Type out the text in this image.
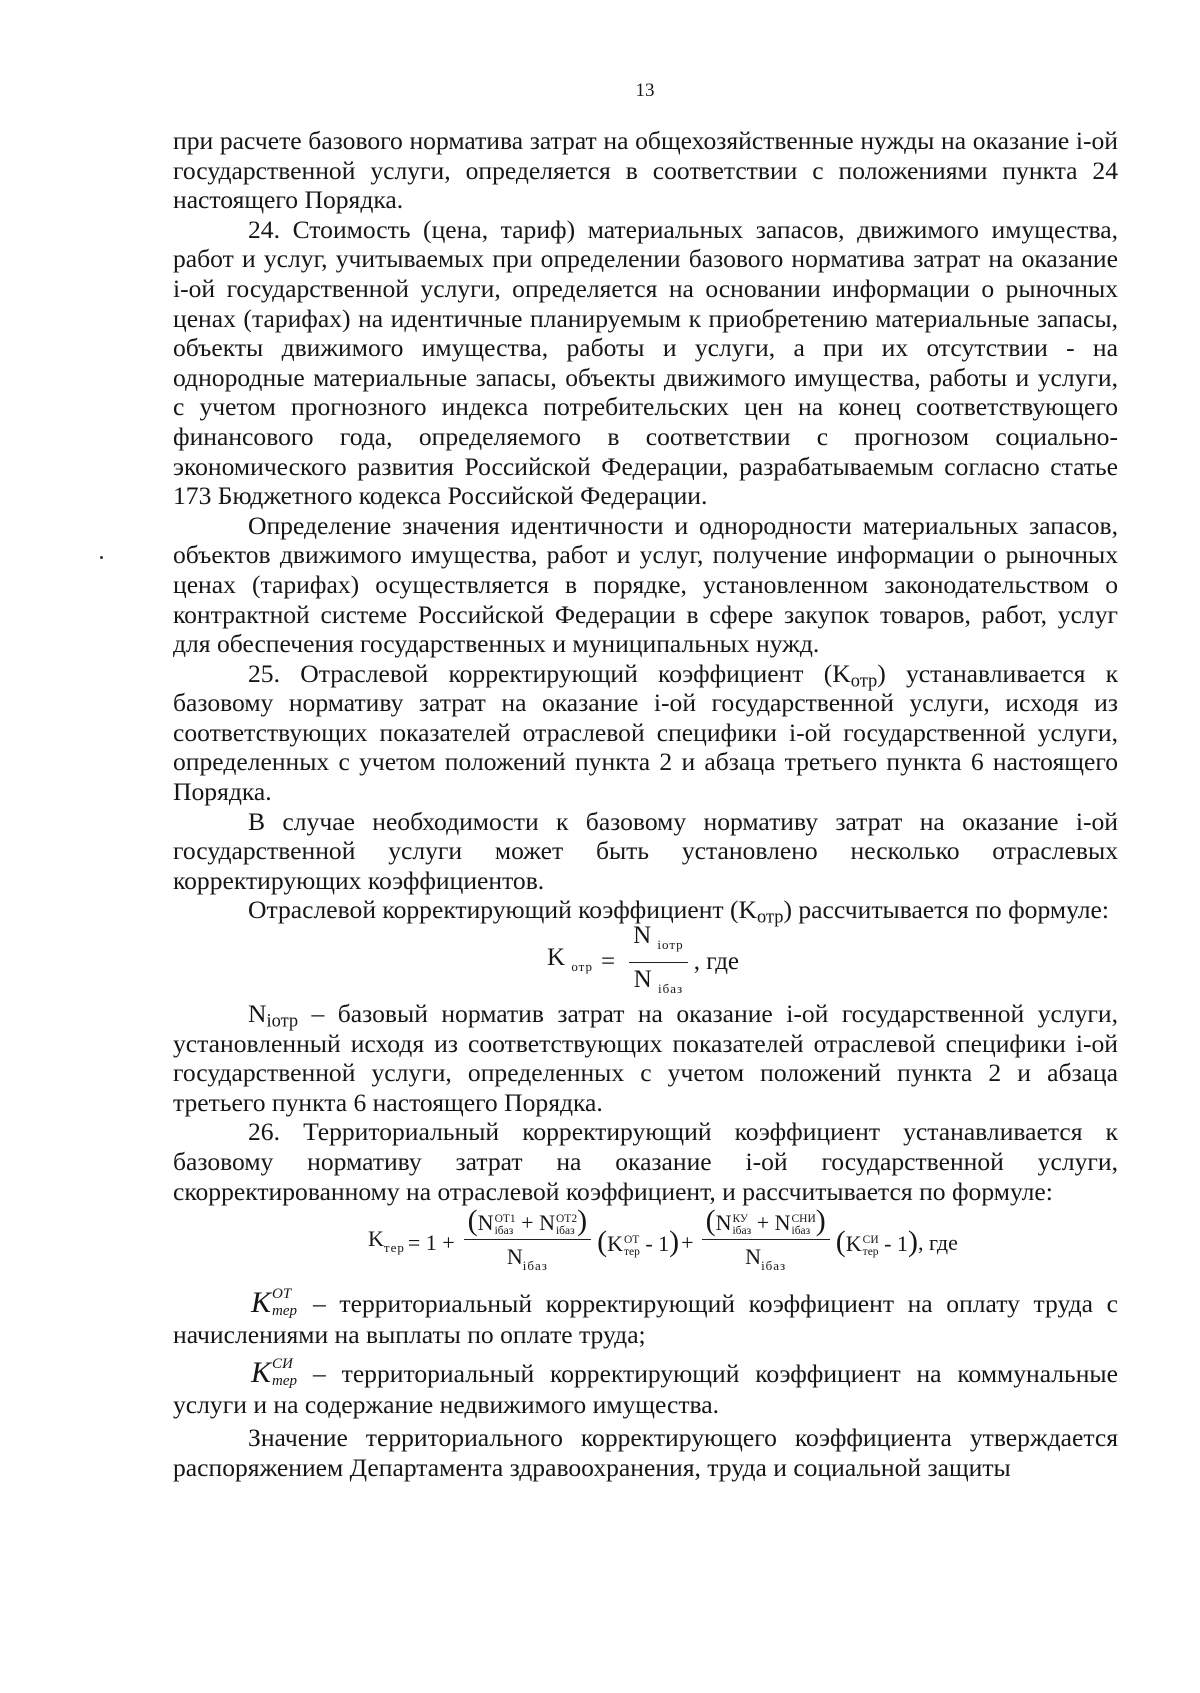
13

при расчете базового норматива затрат на общехозяйственные нужды на оказание i-ой государственной услуги, определяется в соответствии с положениями пункта 24 настоящего Порядка.

24. Стоимость (цена, тариф) материальных запасов, движимого имущества, работ и услуг, учитываемых при определении базового норматива затрат на оказание i-ой государственной услуги, определяется на основании информации о рыночных ценах (тарифах) на идентичные планируемым к приобретению материальные запасы, объекты движимого имущества, работы и услуги, а при их отсутствии - на однородные материальные запасы, объекты движимого имущества, работы и услуги, с учетом прогнозного индекса потребительских цен на конец соответствующего финансового года, определяемого в соответствии с прогнозом социально-экономического развития Российской Федерации, разрабатываемым согласно статье 173 Бюджетного кодекса Российской Федерации.

Определение значения идентичности и однородности материальных запасов, объектов движимого имущества, работ и услуг, получение информации о рыночных ценах (тарифах) осуществляется в порядке, установленном законодательством о контрактной системе Российской Федерации в сфере закупок товаров, работ, услуг для обеспечения государственных и муниципальных нужд.

25. Отраслевой корректирующий коэффициент $(K_{отр})$ устанавливается к базовому нормативу затрат на оказание i-ой государственной услуги, исходя из соответствующих показателей отраслевой специфики i-ой государственной услуги, определенных с учетом положений пункта 2 и абзаца третьего пункта 6 настоящего Порядка.

В случае необходимости к базовому нормативу затрат на оказание i-ой государственной услуги может быть установлено несколько отраслевых корректирующих коэффициентов.

Отраслевой корректирующий коэффициент $(K_{отр})$ рассчитывается по формуле:

K $_{отр} = \frac{N _{iотр}}{N _{iбаз}}$ , где

$N_{iотр}$ – базовый норматив затрат на оказание i-ой государственной услуги, установленный исходя из соответствующих показателей отраслевой специфики i-ой государственной услуги, определенных с учетом положений пункта 2 и абзаца третьего пункта 6 настоящего Порядка.

26. Территориальный корректирующий коэффициент устанавливается к базовому нормативу затрат на оказание i-ой государственной услуги, скорректированному на отраслевой коэффициент, и рассчитывается по формуле:

$K_{тер} = 1 + (N$ ОТ1
iбаз + N ОТ2
iбаз )
$N_{iбаз}$ (K ОТ
тер - 1) + (N КУ
iбаз + N СНИ
iбаз )
$N_{iбаз}$ (K СИ
тер - 1) , где

K ОТ
тер – территориальный корректирующий коэффициент на оплату труда с начислениями на выплаты по оплате труда;

K СИ
тер – территориальный корректирующий коэффициент на коммунальные услуги и на содержание недвижимого имущества.

Значение территориального корректирующего коэффициента утверждается распоряжением Департамента здравоохранения, труда и социальной защиты
